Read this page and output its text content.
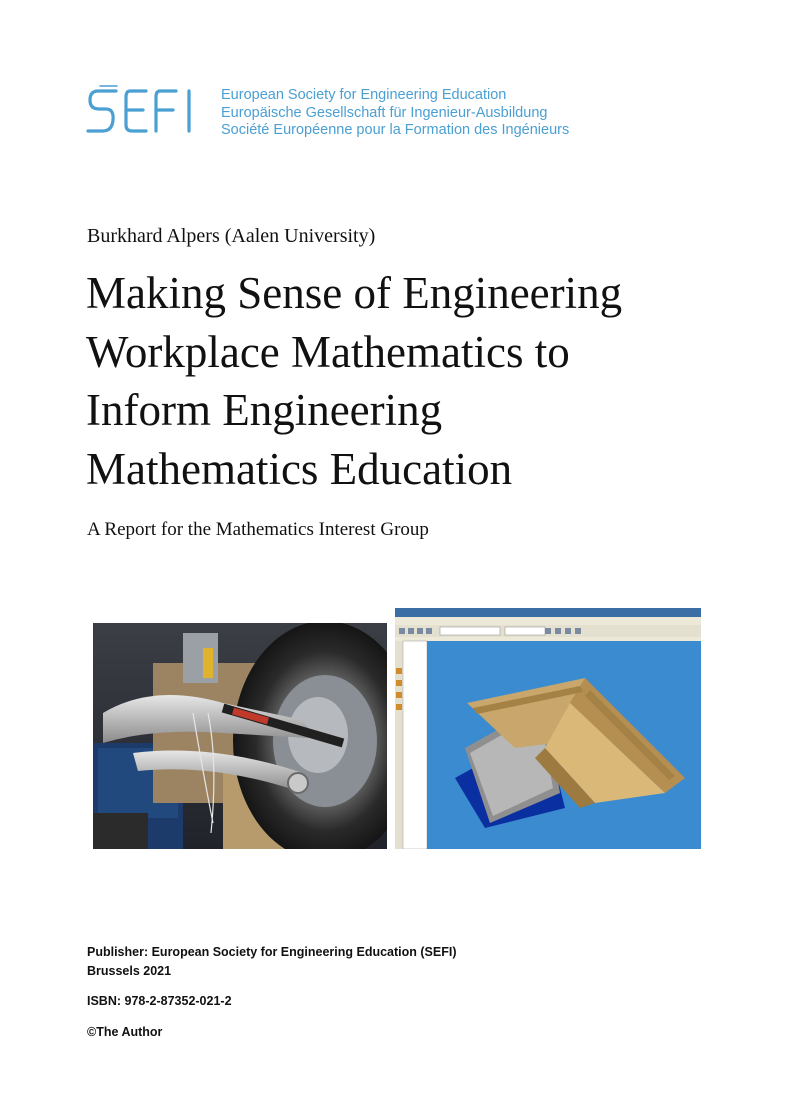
European Society for Engineering Education
Europäische Gesellschaft für Ingenieur-Ausbildung
Société Européenne pour la Formation des Ingénieurs
Burkhard Alpers (Aalen University)
Making Sense of Engineering
Workplace Mathematics to
Inform Engineering
Mathematics Education
A Report for the Mathematics Interest Group
Publisher: European Society for Engineering Education (SEFI)
Brussels 2021
ISBN: 978-2-87352-021-2
©The Author
